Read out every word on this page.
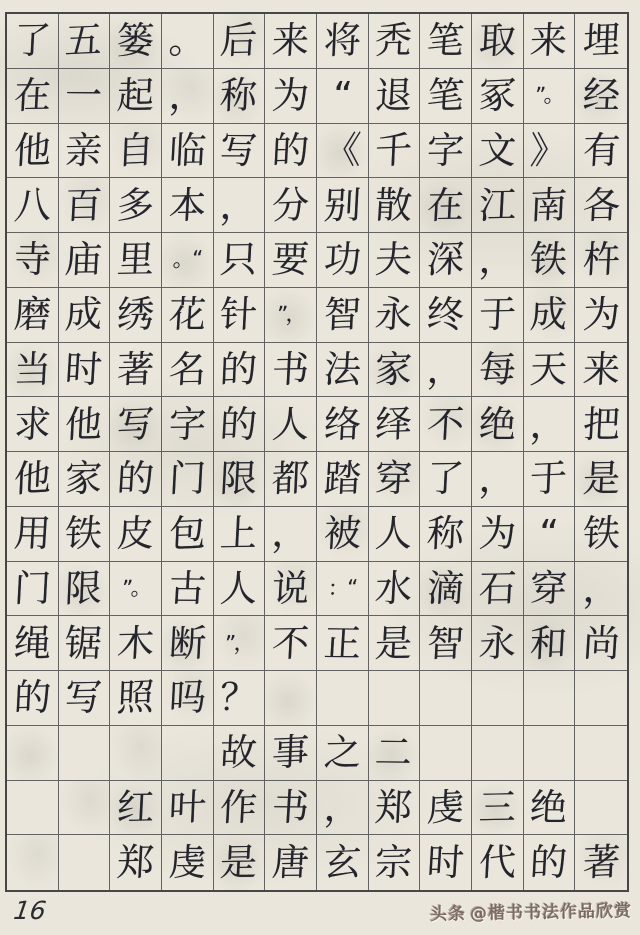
了 五 篓 。 后 来 将 秃 笔 取 来 埋
在 一 起 ， 称 为 “ 退 笔 冢 ”。 经
他 亲 自 临 写 的 《 千 字 文 》 有
八 百 多 本 ， 分 别 散 在 江 南 各
寺 庙 里 。“ 只 要 功 夫 深 ， 铁 杵
磨 成 绣 花 针 ”， 智 永 终 于 成 为
当 时 著 名 的 书 法 家 ， 每 天 来
求 他 写 字 的 人 络 绎 不 绝 ， 把
他 家 的 门 限 都 踏 穿 了 ， 于 是
用 铁 皮 包 上 ， 被 人 称 为 “ 铁
门 限 ”。 古 人 说 ：“ 水 滴 石 穿 ，
绳 锯 木 断 ”， 不 正 是 智 永 和 尚
的 写 照 吗 ？
故 事 之 二
红 叶 作 书 ， 郑 虔 三 绝
郑 虔 是 唐 玄 宗 时 代 的 著
16	头条 @楷书书法作品欣赏
